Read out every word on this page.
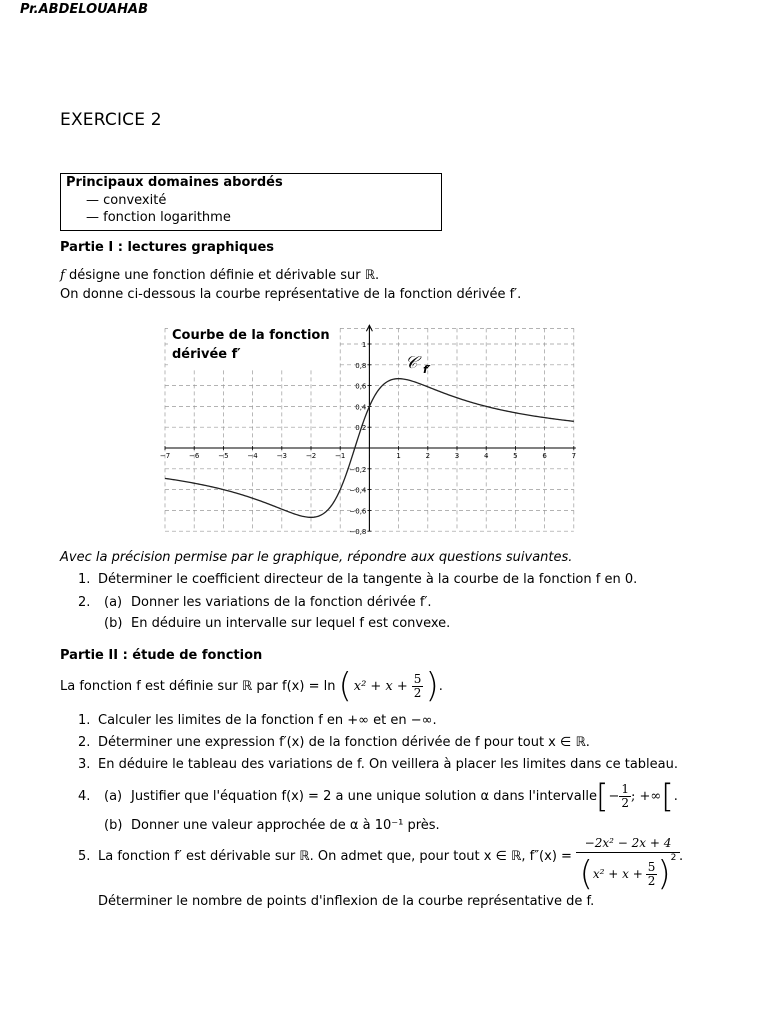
Pr.ABDELOUAHAB
EXERCICE 2
Principaux domaines abordés
— convexité
— fonction logarithme
Partie I : lectures graphiques
f désigne une fonction définie et dérivable sur ℝ.
On donne ci-dessous la courbe représentative de la fonction dérivée f′.
−7	−6	−5	−4	−3	−2	−1	1	2	3	4	5	6	7
1
0,8
0,6
0,4
0,2
−0,2
−0,4
−0,6
−0,8
Courbe de la fonction
dérivée f′	𝒞 f′
Avec la précision permise par le graphique, répondre aux questions suivantes.
1. Déterminer le coefficient directeur de la tangente à la courbe de la fonction f en 0.
2. (a) Donner les variations de la fonction dérivée f′.
(b) En déduire un intervalle sur lequel f est convexe.
Partie II : étude de fonction
La fonction f est définie sur ℝ par f(x) = ln ( $x^2 + x + \frac{5}{2}$ ) .
1. Calculer les limites de la fonction f en +∞ et en −∞.
2. Déterminer une expression f′(x) de la fonction dérivée de f pour tout x ∈ ℝ.
3. En déduire le tableau des variations de f. On veillera à placer les limites dans ce tableau.
4. (a) Justifier que l'équation f(x) = 2 a une unique solution α dans l'intervalle [ − $\frac{1}{2}$ ; +∞ [ .
(b) Donner une valeur approchée de α à 10⁻¹ près.
5. La fonction f′ est dérivable sur ℝ. On admet que, pour tout x ∈ ℝ, $f''(x) = \frac{\text{−2x² − 2x + 4}}{( x^2 + x + \frac{5}{2} ) 2}$ .
Déterminer le nombre de points d'inflexion de la courbe représentative de f.
